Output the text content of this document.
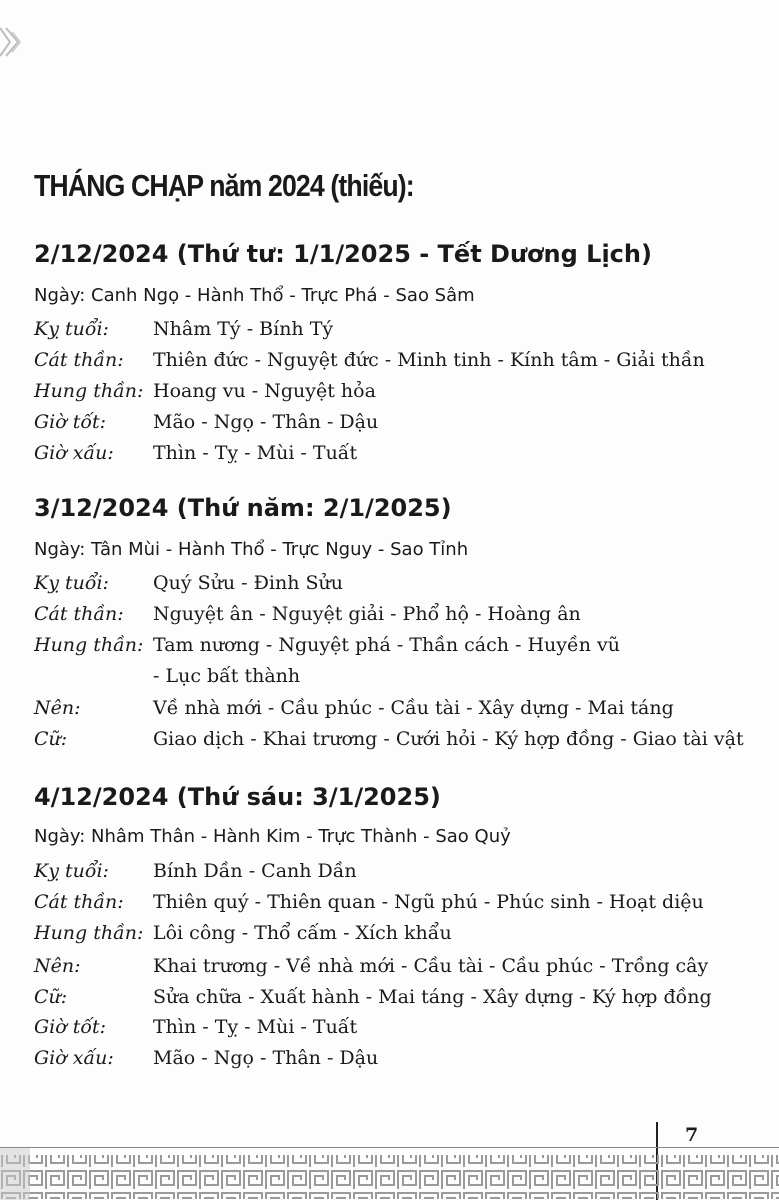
THÁNG CHẠP năm 2024 (thiếu):
2/12/2024 (Thứ tư: 1/1/2025 - Tết Dương Lịch)
Ngày: Canh Ngọ - Hành Thổ - Trực Phá - Sao Sâm
Kỵ tuổi: Nhâm Tý - Bính Tý
Cát thần: Thiên đức - Nguyệt đức - Minh tinh - Kính tâm - Giải thần
Hung thần: Hoang vu - Nguyệt hỏa
Giờ tốt: Mão - Ngọ - Thân - Dậu
Giờ xấu: Thìn - Tỵ - Mùi - Tuất
3/12/2024 (Thứ năm: 2/1/2025)
Ngày: Tân Mùi - Hành Thổ - Trực Nguy - Sao Tỉnh
Kỵ tuổi: Quý Sửu - Đinh Sửu
Cát thần: Nguyệt ân - Nguyệt giải - Phổ hộ - Hoàng ân
Hung thần: Tam nương - Nguyệt phá - Thần cách - Huyền vũ
- Lục bất thành
Nên:	Về nhà mới - Cầu phúc - Cầu tài - Xây dựng - Mai táng
Cữ:	Giao dịch - Khai trương - Cưới hỏi - Ký hợp đồng - Giao tài vật
4/12/2024 (Thứ sáu: 3/1/2025)
Ngày: Nhâm Thân - Hành Kim - Trực Thành - Sao Quỷ
Kỵ tuổi: Bính Dần - Canh Dần
Cát thần: Thiên quý - Thiên quan - Ngũ phú - Phúc sinh - Hoạt diệu
Hung thần: Lôi công - Thổ cấm - Xích khẩu
Nên:	Khai trương - Về nhà mới - Cầu tài - Cầu phúc - Trồng cây
Cữ:	Sửa chữa - Xuất hành - Mai táng - Xây dựng - Ký hợp đồng
Giờ tốt: Thìn - Tỵ - Mùi - Tuất
Giờ xấu: Mão - Ngọ - Thân - Dậu
7
